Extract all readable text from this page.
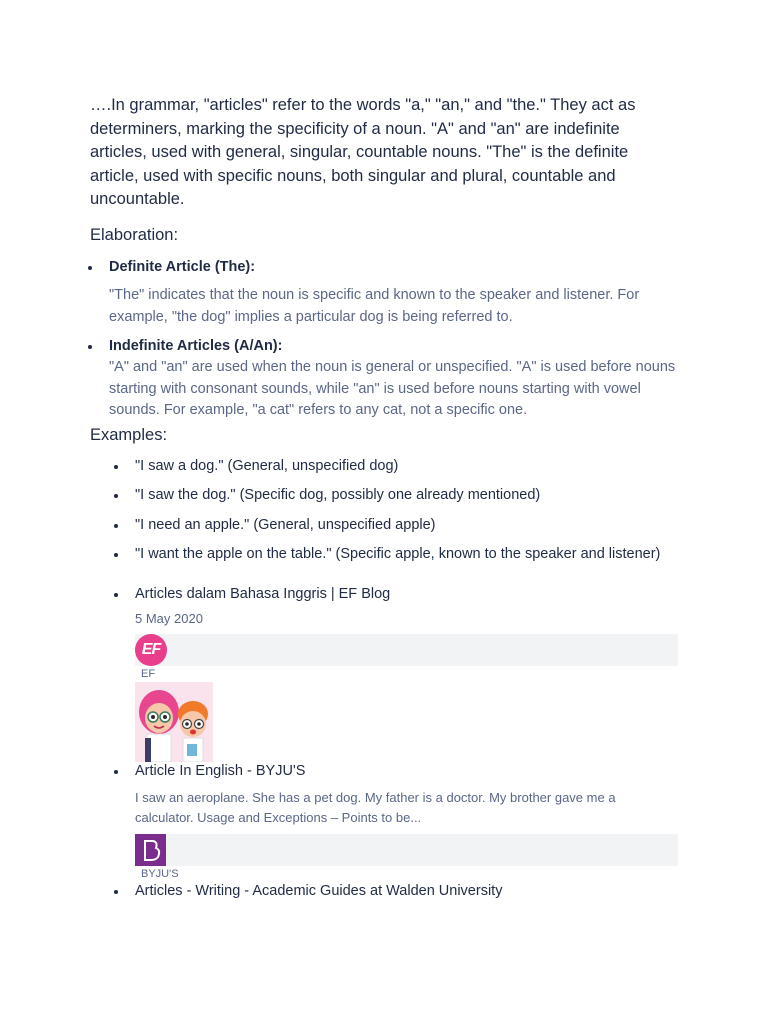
….In grammar, "articles" refer to the words "a," "an," and "the." They act as determiners, marking the specificity of a noun. "A" and "an" are indefinite articles, used with general, singular, countable nouns. "The" is the definite article, used with specific nouns, both singular and plural, countable and uncountable.

Elaboration:

Definite Article (The):

"The" indicates that the noun is specific and known to the speaker and listener. For example, "the dog" implies a particular dog is being referred to.

Indefinite Articles (A/An):

"A" and "an" are used when the noun is general or unspecified. "A" is used before nouns starting with consonant sounds, while "an" is used before nouns starting with vowel sounds. For example, "a cat" refers to any cat, not a specific one.

Examples:

"I saw a dog." (General, unspecified dog)

"I saw the dog." (Specific dog, possibly one already mentioned)

"I need an apple." (General, unspecified apple)

"I want the apple on the table." (Specific apple, known to the speaker and listener)

Articles dalam Bahasa Inggris | EF Blog

5 May 2020

EF

EF

Article In English - BYJU'S

I saw an aeroplane. She has a pet dog. My father is a doctor. My brother gave me a calculator. Usage and Exceptions – Points to be...

BYJU'S

Articles - Writing - Academic Guides at Walden University
